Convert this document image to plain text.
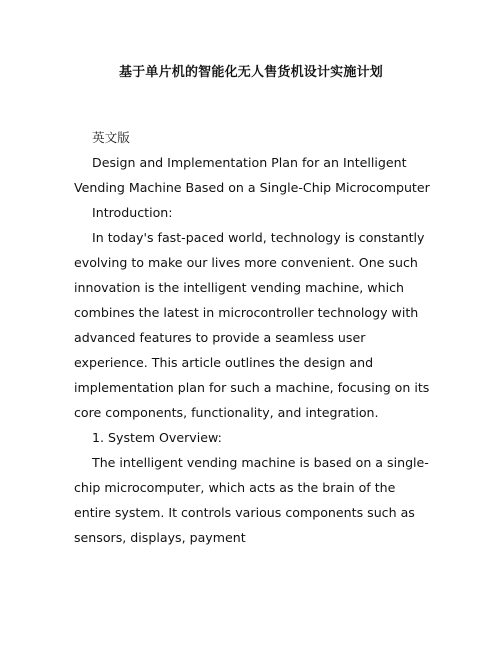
基于单片机的智能化无人售货机设计实施计划

英文版

Design and Implementation Plan for an Intelligent Vending Machine Based on a Single-Chip Microcomputer

Introduction:

In today's fast-paced world, technology is constantly evolving to make our lives more convenient. One such innovation is the intelligent vending machine, which combines the latest in microcontroller technology with advanced features to provide a seamless user experience. This article outlines the design and implementation plan for such a machine, focusing on its core components, functionality, and integration.

1. System Overview:

The intelligent vending machine is based on a single-chip microcomputer, which acts as the brain of the entire system. It controls various components such as sensors, displays, payment
